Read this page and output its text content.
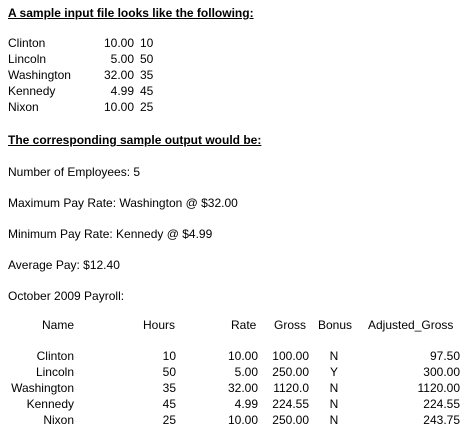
A sample input file looks like the following:
Clinton	10.00 10
Lincoln	5.00 50
Washington	32.00 35
Kennedy	4.99 45
Nixon	10.00 25
The corresponding sample output would be:
Number of Employees: 5
Maximum Pay Rate: Washington @ $32.00
Minimum Pay Rate: Kennedy @ $4.99
Average Pay: $12.40
October 2009 Payroll:
Name	Hours	Rate Gross Bonus Adjusted_Gross
Clinton	10	10.00	100.00	N	97.50
Lincoln	50	5.00	250.00	Y	300.00
Washington	35	32.00	1120.0	N	1120.00
Kennedy	45	4.99	224.55	N	224.55
Nixon	25	10.00	250.00	N	243.75
